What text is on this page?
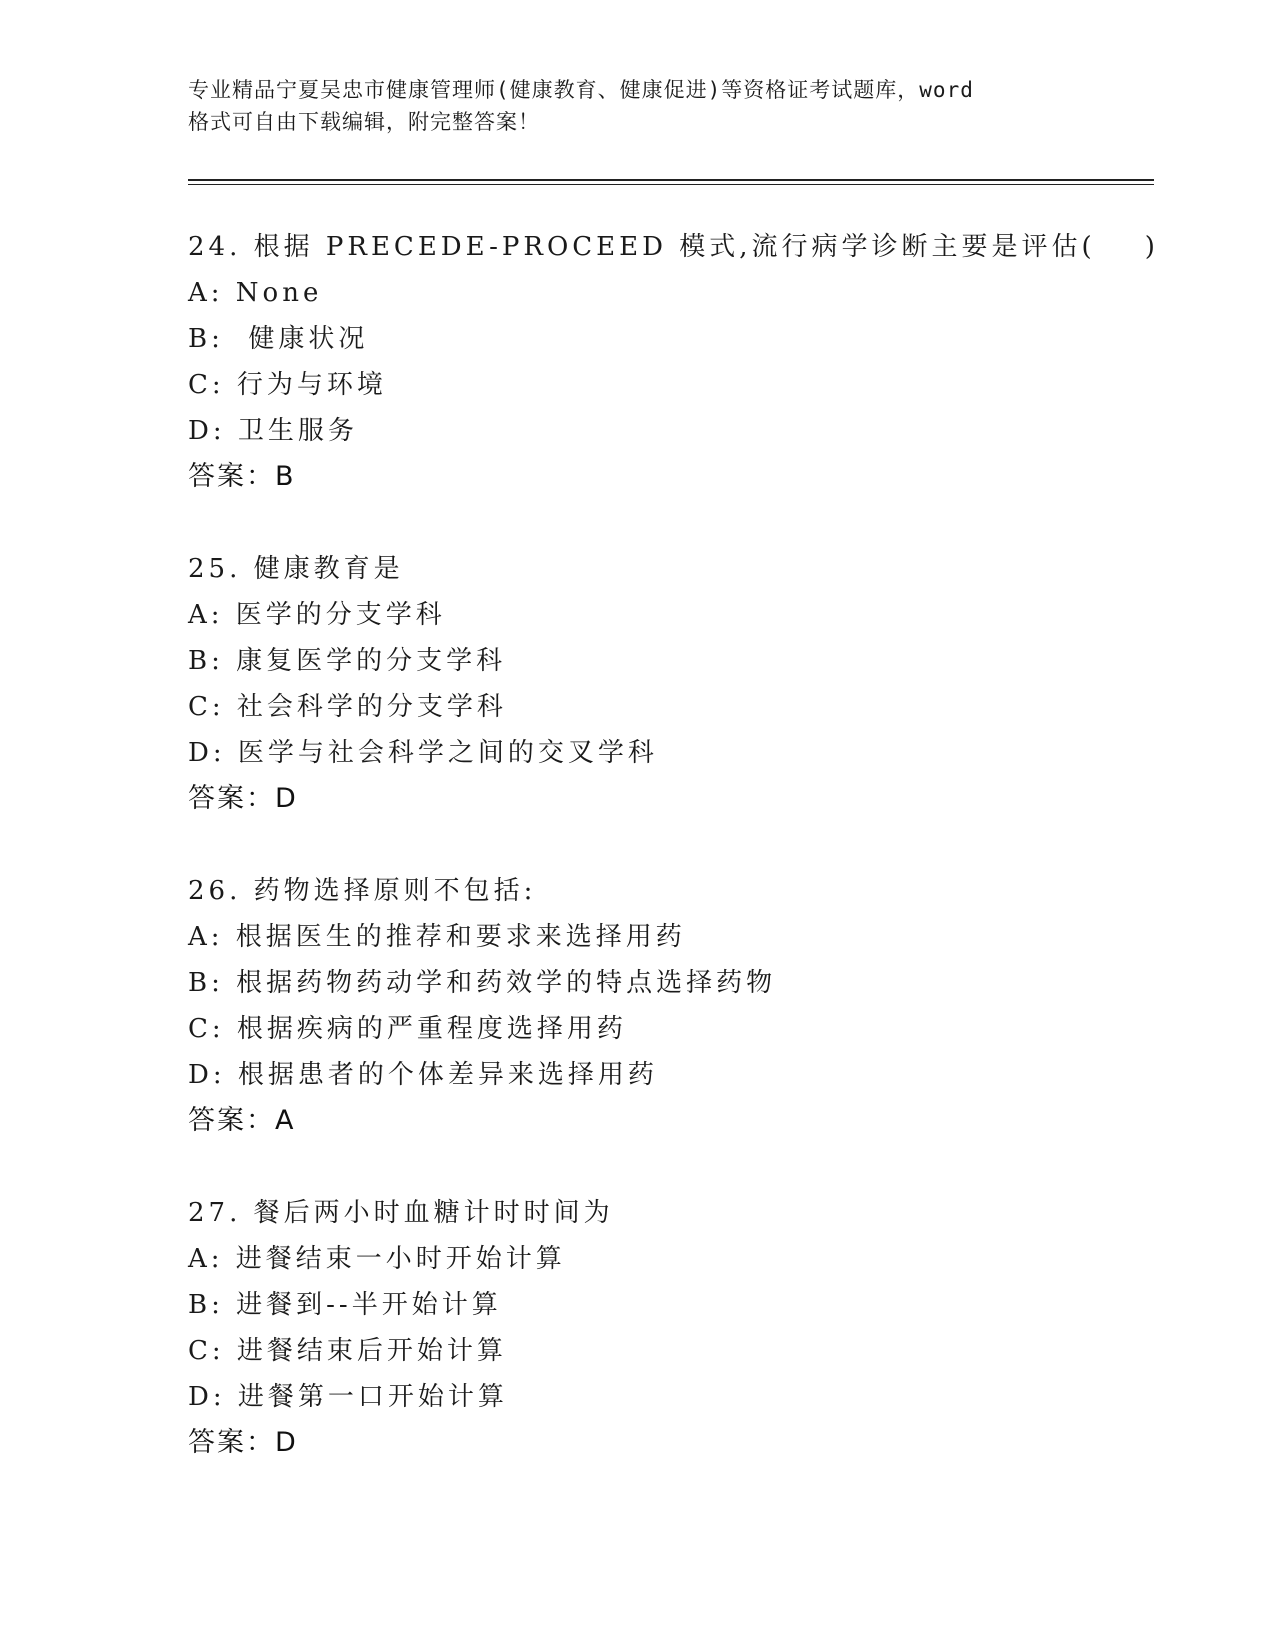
专业精品宁夏吴忠市健康管理师(健康教育、健康促进)等资格证考试题库，word
格式可自由下载编辑，附完整答案！
24. 根据 PRECEDE-PROCEED 模式,流行病学诊断主要是评估(    )
A: None
B:  健康状况
C: 行为与环境
D: 卫生服务
答案：B
25. 健康教育是
A: 医学的分支学科
B: 康复医学的分支学科
C: 社会科学的分支学科
D: 医学与社会科学之间的交叉学科
答案：D
26. 药物选择原则不包括:
A: 根据医生的推荐和要求来选择用药
B: 根据药物药动学和药效学的特点选择药物
C: 根据疾病的严重程度选择用药
D: 根据患者的个体差异来选择用药
答案：A
27. 餐后两小时血糖计时时间为
A: 进餐结束一小时开始计算
B: 进餐到--半开始计算
C: 进餐结束后开始计算
D: 进餐第一口开始计算
答案：D
